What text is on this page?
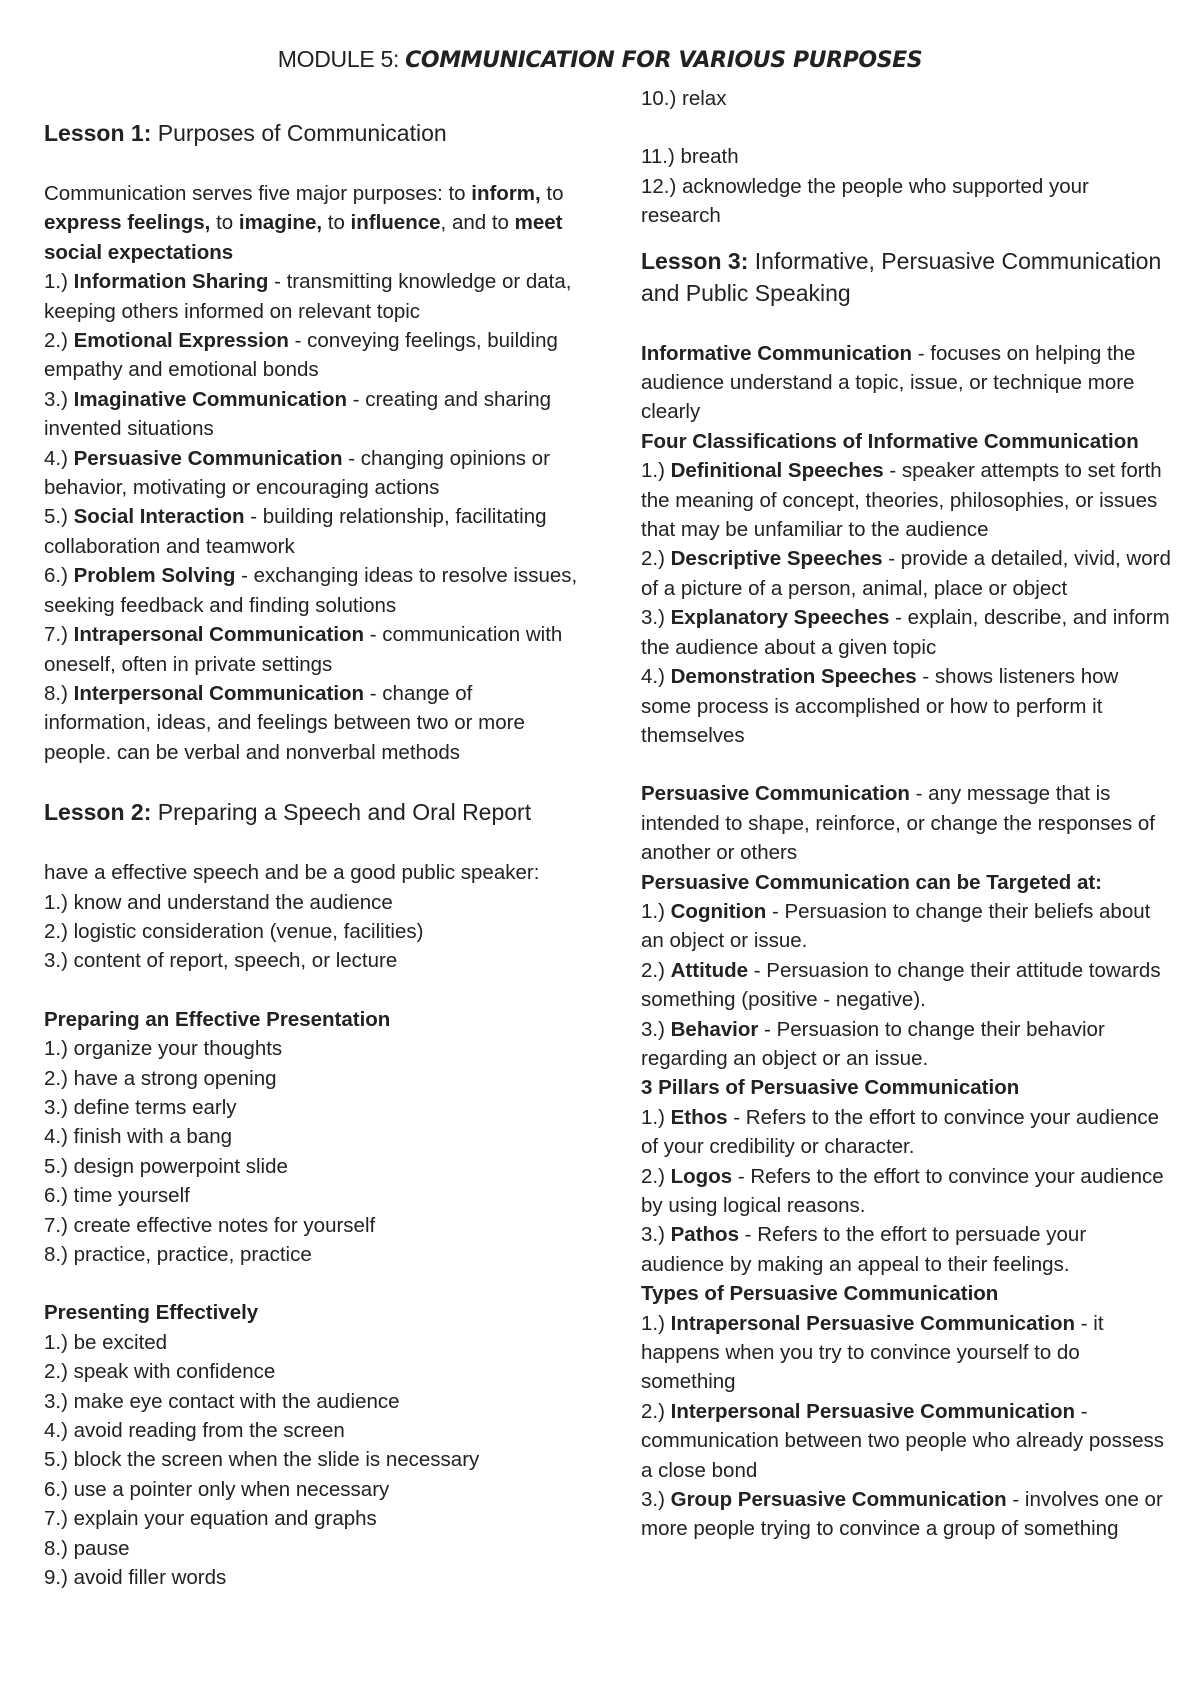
MODULE 5: COMMUNICATION FOR VARIOUS PURPOSES

Lesson 1: Purposes of Communication

Communication serves five major purposes: to inform, to express feelings, to imagine, to influence, and to meet social expectations

1.) Information Sharing - transmitting knowledge or data, keeping others informed on relevant topic

2.) Emotional Expression - conveying feelings, building empathy and emotional bonds

3.) Imaginative Communication - creating and sharing invented situations

4.) Persuasive Communication - changing opinions or behavior, motivating or encouraging actions

5.) Social Interaction - building relationship, facilitating collaboration and teamwork

6.) Problem Solving - exchanging ideas to resolve issues, seeking feedback and finding solutions

7.) Intrapersonal Communication - communication with oneself, often in private settings

8.) Interpersonal Communication - change of information, ideas, and feelings between two or more people. can be verbal and nonverbal methods

Lesson 2: Preparing a Speech and Oral Report

have a effective speech and be a good public speaker:

1.) know and understand the audience

2.) logistic consideration (venue, facilities)

3.) content of report, speech, or lecture

Preparing an Effective Presentation

1.) organize your thoughts

2.) have a strong opening

3.) define terms early

4.) finish with a bang

5.) design powerpoint slide

6.) time yourself

7.) create effective notes for yourself

8.) practice, practice, practice

Presenting Effectively

1.) be excited

2.) speak with confidence

3.) make eye contact with the audience

4.) avoid reading from the screen

5.) block the screen when the slide is necessary

6.) use a pointer only when necessary

7.) explain your equation and graphs

8.) pause

9.) avoid filler words

10.) relax

11.) breath

12.) acknowledge the people who supported your research

Lesson 3: Informative, Persuasive Communication and Public Speaking

Informative Communication - focuses on helping the audience understand a topic, issue, or technique more clearly

Four Classifications of Informative Communication

1.) Definitional Speeches - speaker attempts to set forth the meaning of concept, theories, philosophies, or issues that may be unfamiliar to the audience

2.) Descriptive Speeches - provide a detailed, vivid, word of a picture of a person, animal, place or object

3.) Explanatory Speeches - explain, describe, and inform the audience about a given topic

4.) Demonstration Speeches - shows listeners how some process is accomplished or how to perform it themselves

Persuasive Communication - any message that is intended to shape, reinforce, or change the responses of another or others

Persuasive Communication can be Targeted at:

1.) Cognition - Persuasion to change their beliefs about an object or issue.

2.) Attitude - Persuasion to change their attitude towards something (positive - negative).

3.) Behavior - Persuasion to change their behavior regarding an object or an issue.

3 Pillars of Persuasive Communication

1.) Ethos - Refers to the effort to convince your audience of your credibility or character.

2.) Logos - Refers to the effort to convince your audience by using logical reasons.

3.) Pathos - Refers to the effort to persuade your audience by making an appeal to their feelings.

Types of Persuasive Communication

1.) Intrapersonal Persuasive Communication - it happens when you try to convince yourself to do something

2.) Interpersonal Persuasive Communication - communication between two people who already possess a close bond

3.) Group Persuasive Communication - involves one or more people trying to convince a group of something
